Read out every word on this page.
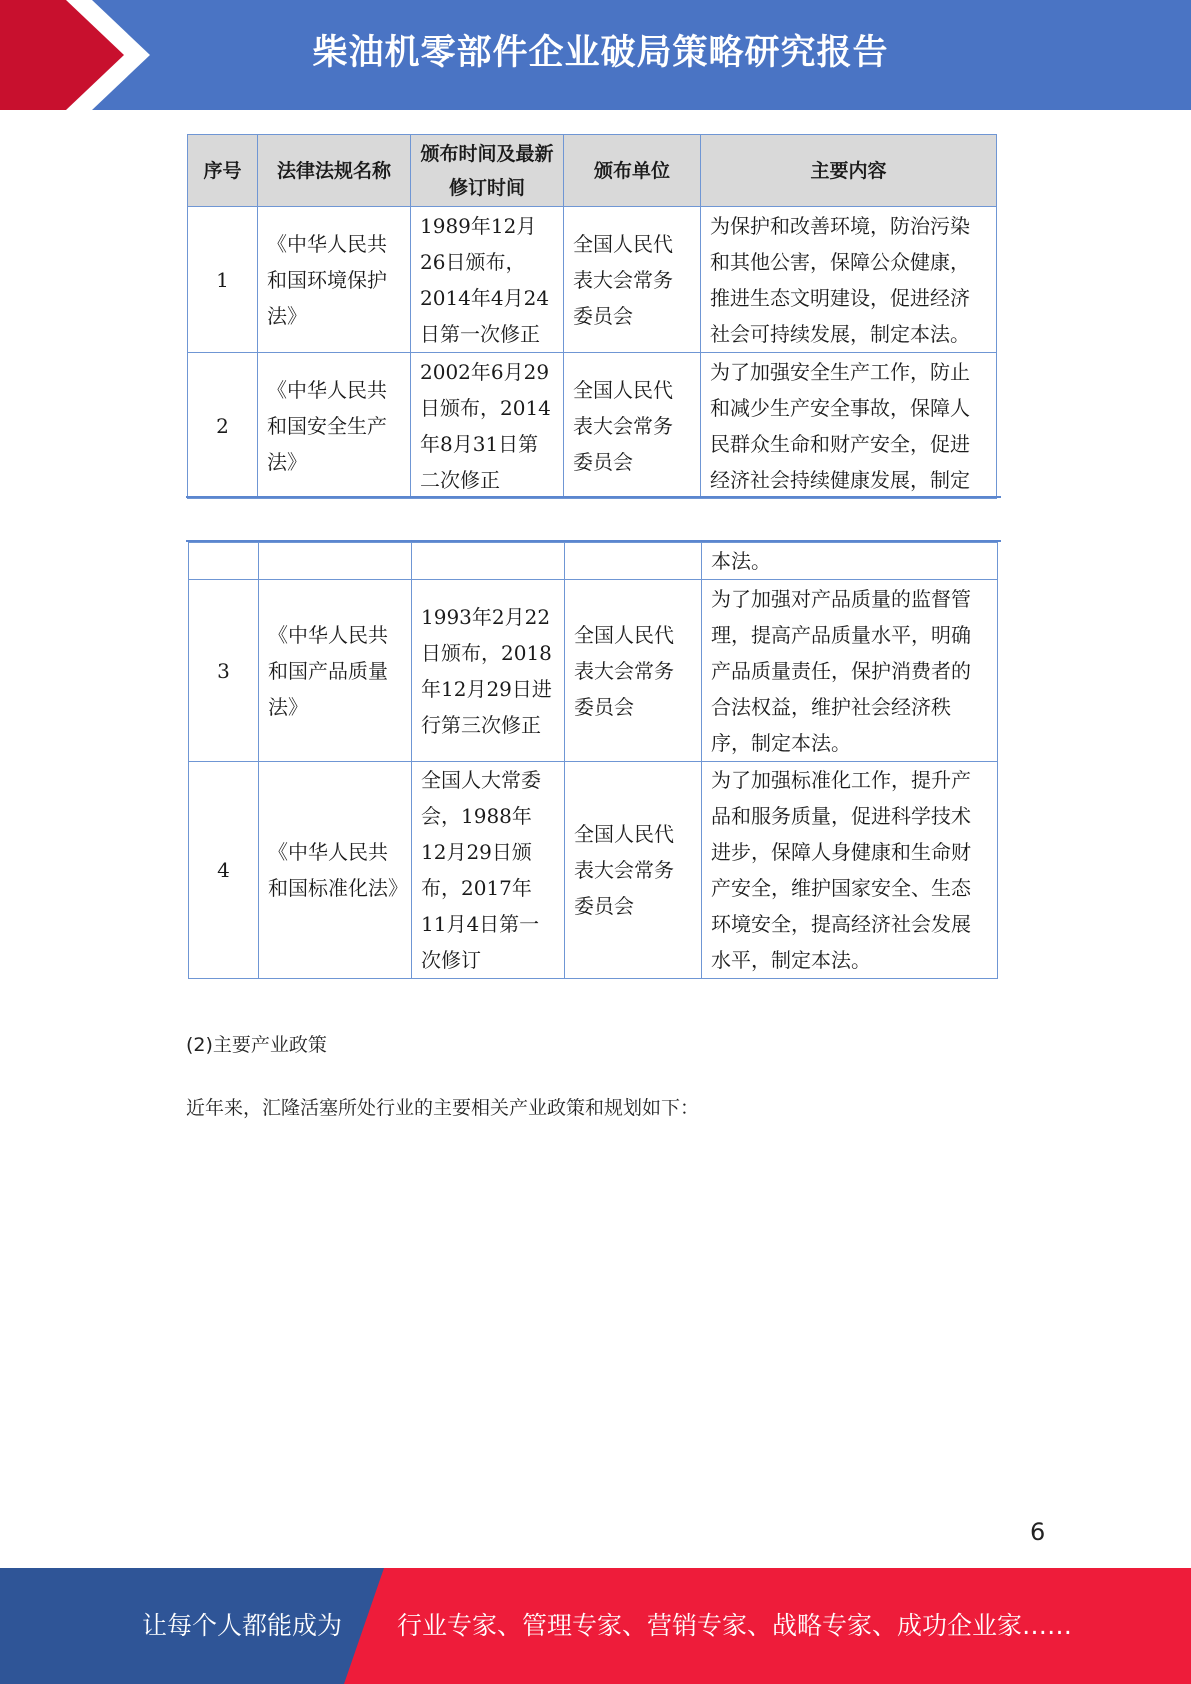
柴油机零部件企业破局策略研究报告
序号	法律法规名称	颁布时间及最新修订时间	颁布单位	主要内容
1	《中华人民共和国环境保护法》	1989年12月26日颁布，2014年4月24日第一次修正	全国人民代表大会常务委员会	为保护和改善环境，防治污染和其他公害，保障公众健康，推进生态文明建设，促进经济社会可持续发展，制定本法。
2	《中华人民共和国安全生产法》	2002年6月29日颁布，2014年8月31日第二次修正	全国人民代表大会常务委员会	为了加强安全生产工作，防止和减少生产安全事故，保障人民群众生命和财产安全，促进经济社会持续健康发展，制定
				本法。
3	《中华人民共和国产品质量法》	1993年2月22日颁布，2018年12月29日进行第三次修正	全国人民代表大会常务委员会	为了加强对产品质量的监督管理，提高产品质量水平，明确产品质量责任，保护消费者的合法权益，维护社会经济秩序，制定本法。
4	《中华人民共和国标准化法》	全国人大常委会，1988年12月29日颁布，2017年11月4日第一次修订	全国人民代表大会常务委员会	为了加强标准化工作，提升产品和服务质量，促进科学技术进步，保障人身健康和生命财产安全，维护国家安全、生态环境安全，提高经济社会发展水平，制定本法。
(2)主要产业政策
近年来，汇隆活塞所处行业的主要相关产业政策和规划如下：
6
让每个人都能成为 行业专家、管理专家、营销专家、战略专家、成功企业家……
